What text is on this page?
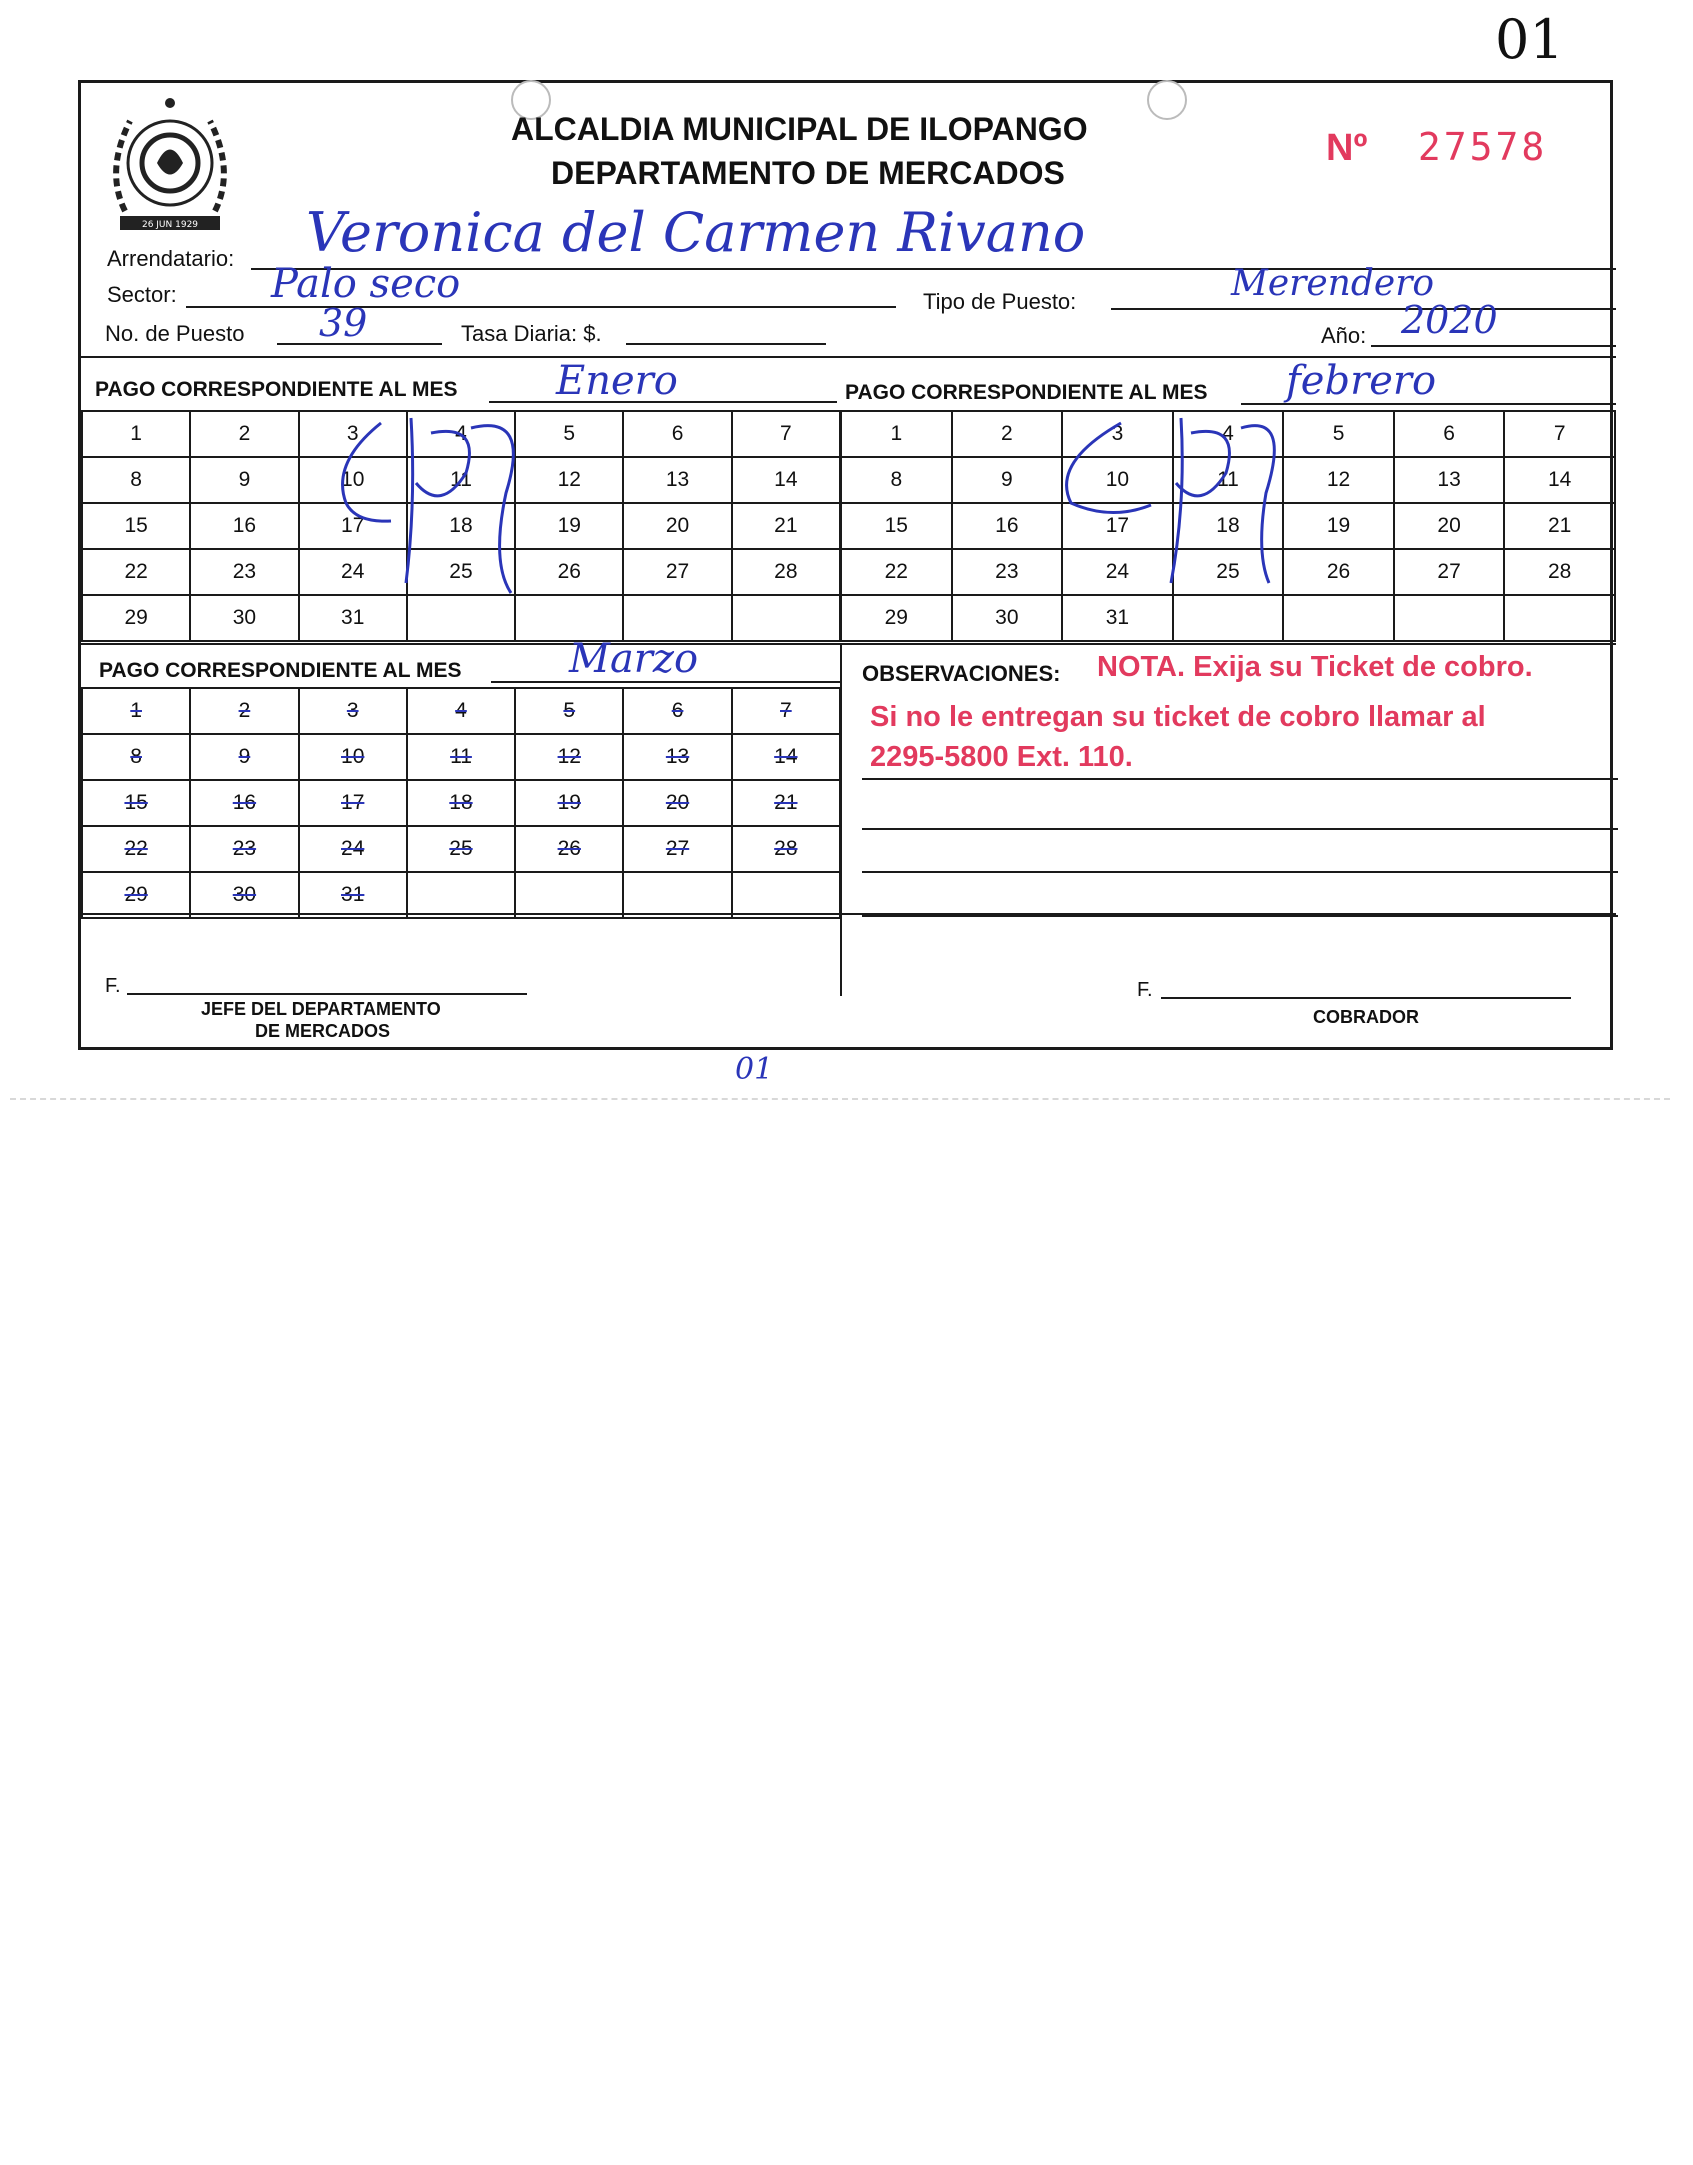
01
26 JUN 1929
ALCALDIA MUNICIPAL DE ILOPANGO
DEPARTAMENTO DE MERCADOS
Nº 27578
Arrendatario: Veronica del Carmen Rivano
Sector: Palo seco	Tipo de Puesto:	Merendero
No. de Puesto 39	Tasa Diaria: $.	Año: 2020
PAGO CORRESPONDIENTE AL MES Enero	PAGO CORRESPONDIENTE AL MES febrero
1	2	3	4	5	6	7
8	9	10	11	12	13	14
15	16	17	18	19	20	21
22	23	24	25	26	27	28
29	30	31				
1	2	3	4	5	6	7
8	9	10	11	12	13	14
15	16	17	18	19	20	21
22	23	24	25	26	27	28
29	30	31				
PAGO CORRESPONDIENTE AL MES	Marzo
1	2	3	4	5	6	7
8	9	10	11	12	13	14
15	16	17	18	19	20	21
22	23	24	25	26	27	28
29	30	31				
OBSERVACIONES: NOTA. Exija su Ticket de cobro.
Si no le entregan su ticket de cobro llamar al
2295-5800 Ext. 110.
F.
JEFE DEL DEPARTAMENTO
DE MERCADOS
F.
COBRADOR
01
